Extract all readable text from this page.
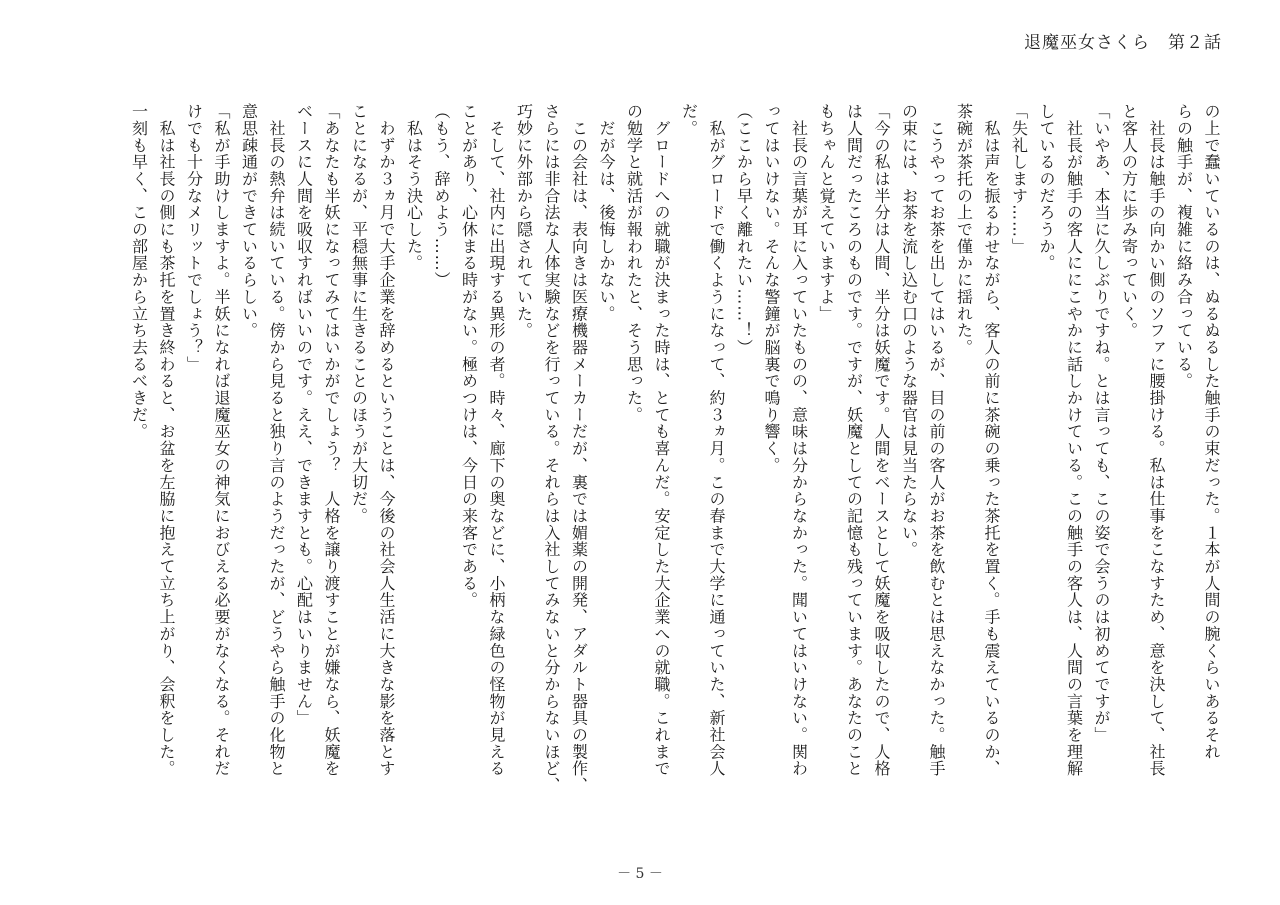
退魔巫女さくら 第２話
の上で蠢いているのは、ぬるぬるした触手の束だった。１本が人間の腕くらいあるそれ
らの触手が、複雑に絡み合っている。
　社長は触手の向かい側のソファに腰掛ける。私は仕事をこなすため、意を決して、社長
と客人の方に歩み寄っていく。
「いやあ、本当に久しぶりですね。とは言っても、この姿で会うのは初めてですが」
　社長が触手の客人ににこやかに話しかけている。この触手の客人は、人間の言葉を理解
しているのだろうか。
「失礼します……」
　私は声を振るわせながら、客人の前に茶碗の乗った茶托を置く。手も震えているのか、
茶碗が茶托の上で僅かに揺れた。
　こうやってお茶を出してはいるが、目の前の客人がお茶を飲むとは思えなかった。触手
の束には、お茶を流し込む口のような器官は見当たらない。
「今の私は半分は人間、半分は妖魔です。人間をベースとして妖魔を吸収したので、人格
は人間だったころのものです。ですが、妖魔としての記憶も残っています。あなたのこと
もちゃんと覚えていますよ」
　社長の言葉が耳に入っていたものの、意味は分からなかった。聞いてはいけない。関わ
ってはいけない。そんな警鐘が脳裏で鳴り響く。
（ここから早く離れたい……！）
　私がグロードで働くようになって、約３ヵ月。この春まで大学に通っていた、新社会人
だ。
　グロードへの就職が決まった時は、とても喜んだ。安定した大企業への就職。これまで
の勉学と就活が報われたと、そう思った。
　だが今は、後悔しかない。
　この会社は、表向きは医療機器メーカーだが、裏では媚薬の開発、アダルト器具の製作、
さらには非合法な人体実験などを行っている。それらは入社してみないと分からないほど、
巧妙に外部から隠されていた。
　そして、社内に出現する異形の者。時々、廊下の奥などに、小柄な緑色の怪物が見える
ことがあり、心休まる時がない。極めつけは、今日の来客である。
（もう、辞めよう……）
　私はそう決心した。
　わずか３ヵ月で大手企業を辞めるということは、今後の社会人生活に大きな影を落とす
ことになるが、平穏無事に生きることのほうが大切だ。
「あなたも半妖になってみてはいかがでしょう？　人格を譲り渡すことが嫌なら、妖魔を
ベースに人間を吸収すればいいのです。ええ、できますとも。心配はいりません」
　社長の熱弁は続いている。傍から見ると独り言のようだったが、どうやら触手の化物と
意思疎通ができているらしい。
「私が手助けしますよ。半妖になれば退魔巫女の神気におびえる必要がなくなる。それだ
けでも十分なメリットでしょう？」
　私は社長の側にも茶托を置き終わると、お盆を左脇に抱えて立ち上がり、会釈をした。
一刻も早く、この部屋から立ち去るべきだ。
－ 5 －
